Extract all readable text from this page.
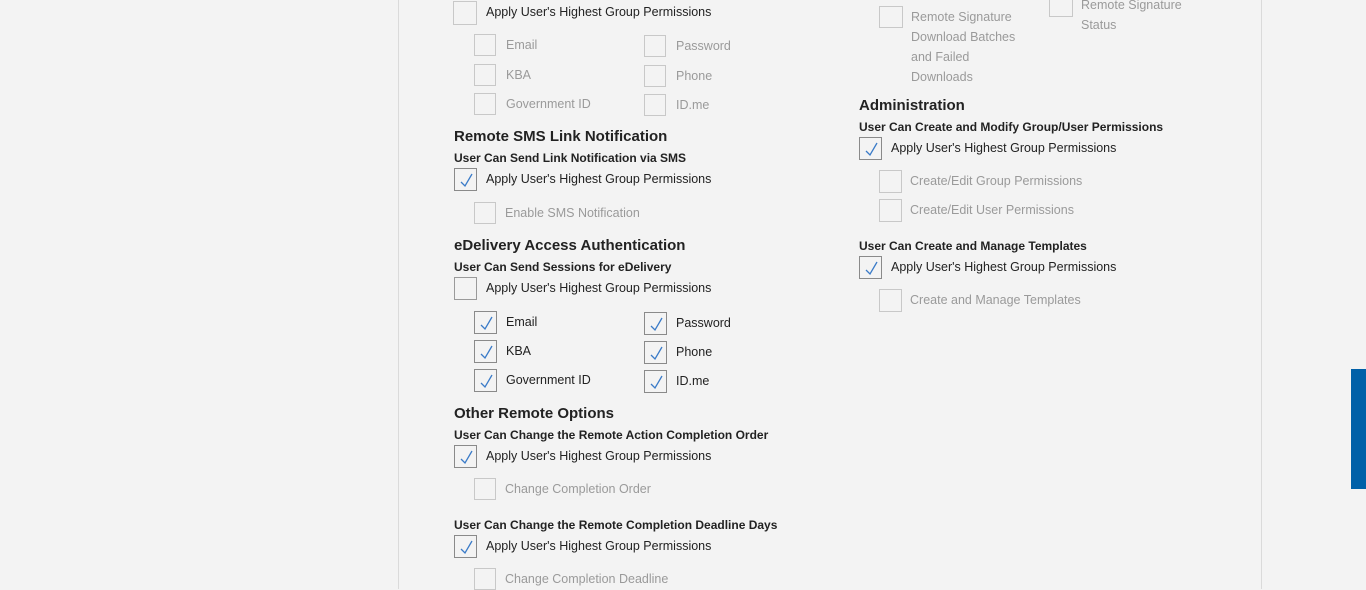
Apply User's Highest Group Permissions
Email	Password
KBA	Phone
Government ID	ID.me
Remote SMS Link Notification
User Can Send Link Notification via SMS
Apply User's Highest Group Permissions
Enable SMS Notification
eDelivery Access Authentication
User Can Send Sessions for eDelivery
Apply User's Highest Group Permissions
Email	Password
KBA	Phone
Government ID	ID.me
Other Remote Options
User Can Change the Remote Action Completion Order
Apply User's Highest Group Permissions
Change Completion Order
User Can Change the Remote Completion Deadline Days
Apply User's Highest Group Permissions
Change Completion Deadline
Remote Signature Download Batches and Failed Downloads
Remote Signature Status
Administration
User Can Create and Modify Group/User Permissions
Apply User's Highest Group Permissions
Create/Edit Group Permissions
Create/Edit User Permissions
User Can Create and Manage Templates
Apply User's Highest Group Permissions
Create and Manage Templates
